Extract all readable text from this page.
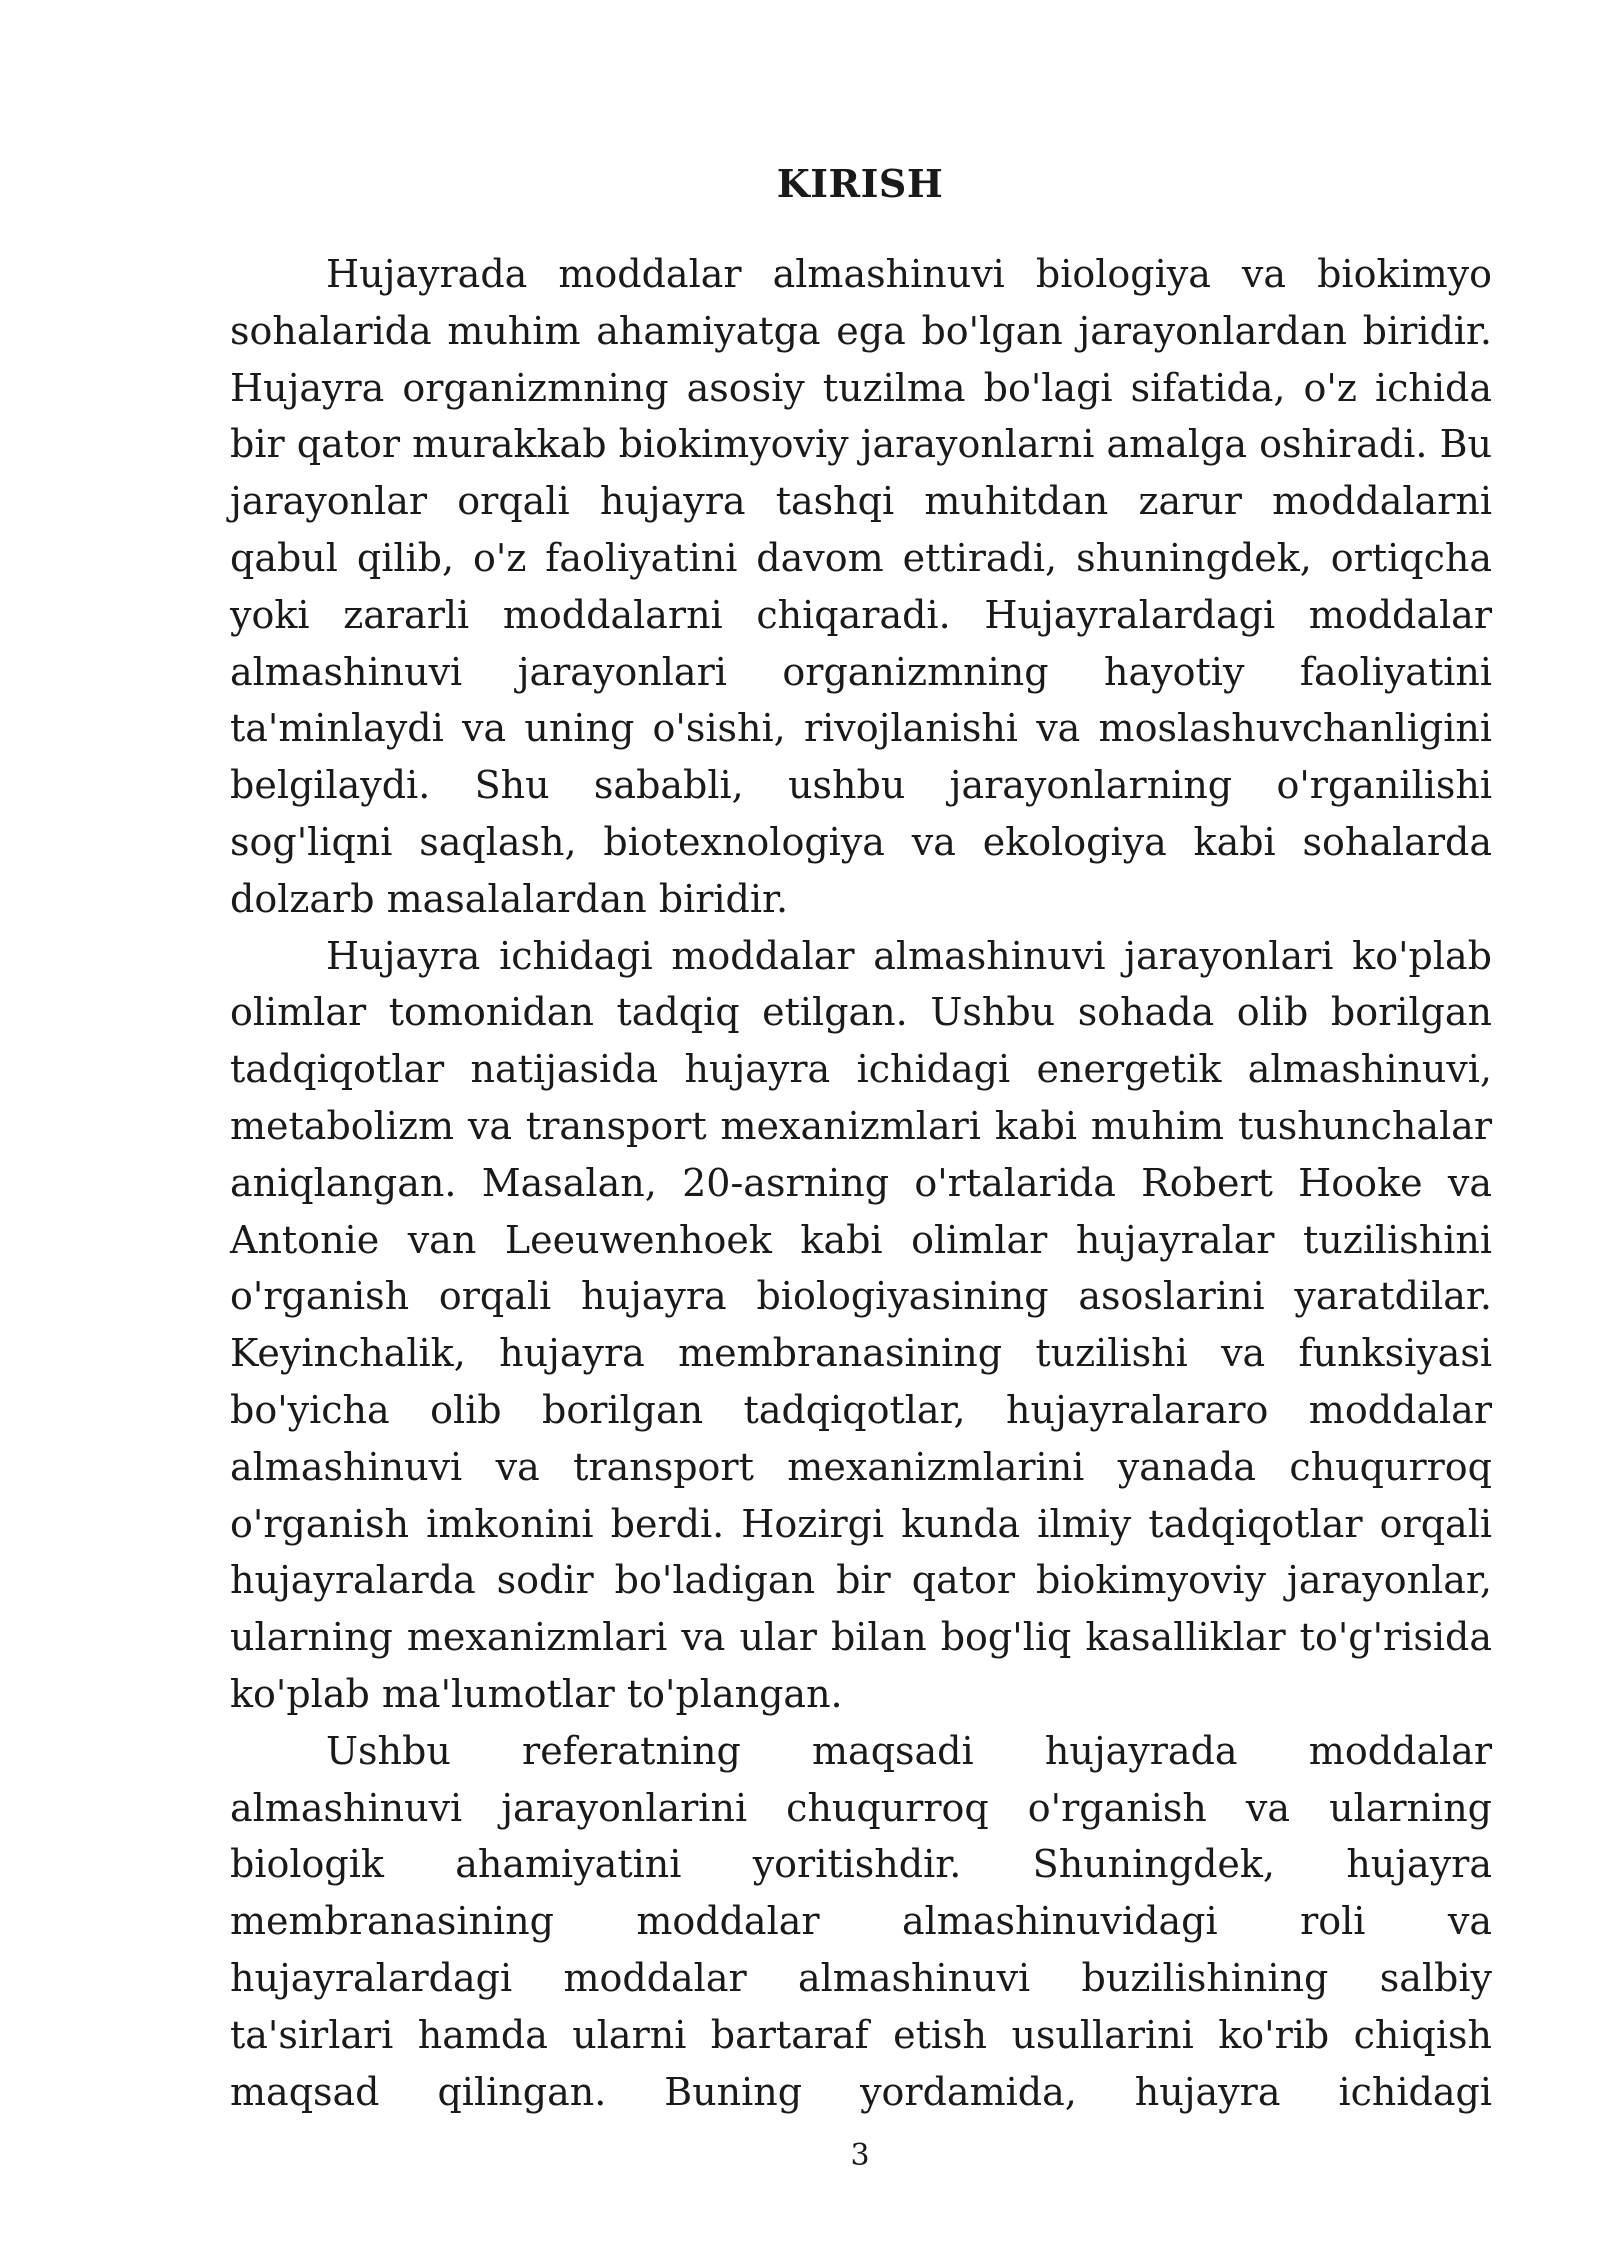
KIRISH

Hujayrada moddalar almashinuvi biologiya va biokimyo sohalarida muhim ahamiyatga ega bo'lgan jarayonlardan biridir. Hujayra organizmning asosiy tuzilma bo'lagi sifatida, o'z ichida bir qator murakkab biokimyoviy jarayonlarni amalga oshiradi. Bu jarayonlar orqali hujayra tashqi muhitdan zarur moddalarni qabul qilib, o'z faoliyatini davom ettiradi, shuningdek, ortiqcha yoki zararli moddalarni chiqaradi. Hujayralardagi moddalar almashinuvi jarayonlari organizmning hayotiy faoliyatini ta'minlaydi va uning o'sishi, rivojlanishi va moslashuvchanligini belgilaydi. Shu sababli, ushbu jarayonlarning o'rganilishi sog'liqni saqlash, biotexnologiya va ekologiya kabi sohalarda dolzarb masalalardan biridir.

Hujayra ichidagi moddalar almashinuvi jarayonlari ko'plab olimlar tomonidan tadqiq etilgan. Ushbu sohada olib borilgan tadqiqotlar natijasida hujayra ichidagi energetik almashinuvi, metabolizm va transport mexanizmlari kabi muhim tushunchalar aniqlangan. Masalan, 20-asrning o'rtalarida Robert Hooke va Antonie van Leeuwenhoek kabi olimlar hujayralar tuzilishini o'rganish orqali hujayra biologiyasining asoslarini yaratdilar. Keyinchalik, hujayra membranasining tuzilishi va funksiyasi bo'yicha olib borilgan tadqiqotlar, hujayralararo moddalar almashinuvi va transport mexanizmlarini yanada chuqurroq o'rganish imkonini berdi. Hozirgi kunda ilmiy tadqiqotlar orqali hujayralarda sodir bo'ladigan bir qator biokimyoviy jarayonlar, ularning mexanizmlari va ular bilan bog'liq kasalliklar to'g'risida ko'plab ma'lumotlar to'plangan.

Ushbu referatning maqsadi hujayrada moddalar almashinuvi jarayonlarini chuqurroq o'rganish va ularning biologik ahamiyatini yoritishdir. Shuningdek, hujayra membranasining moddalar almashinuvidagi roli va hujayralardagi moddalar almashinuvi buzilishining salbiy ta'sirlari hamda ularni bartaraf etish usullarini ko'rib chiqish maqsad qilingan. Buning yordamida, hujayra ichidagi

3
